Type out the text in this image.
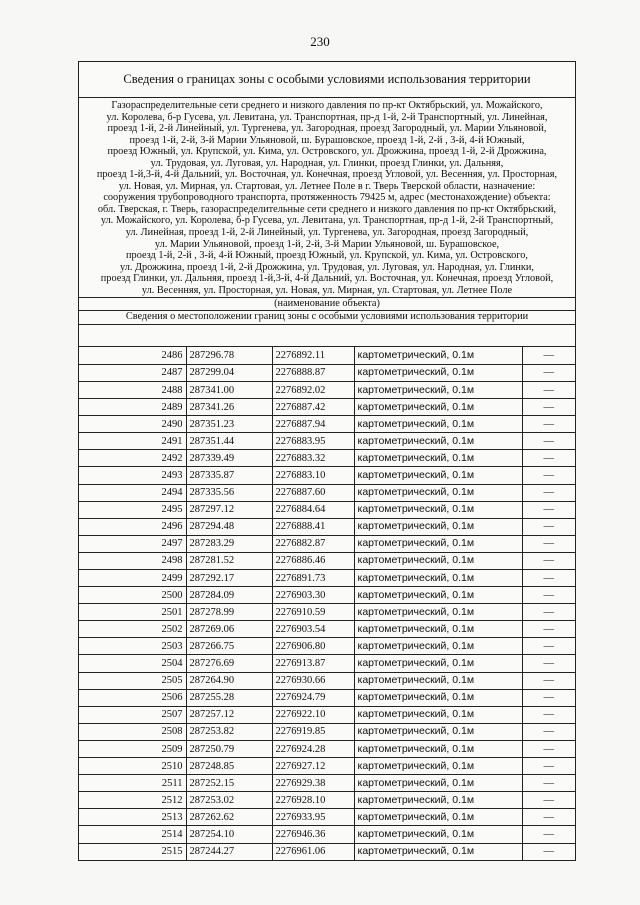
230
Сведения о границах зоны с особыми условиями использования территории
Газораспределительные сети среднего и низкого давления по пр-кт Октябрьский, ул. Можайского,
ул. Королева, б-р Гусева, ул. Левитана, ул. Транспортная, пр-д 1-й, 2-й Транспортный, ул. Линейная,
проезд 1-й, 2-й Линейный, ул. Тургенева, ул. Загородная, проезд Загородный, ул. Марии Ульяновой,
проезд 1-й, 2-й, 3-й Марии Ульяновой, ш. Бурашовское, проезд 1-й, 2-й , 3-й, 4-й Южный,
проезд Южный, ул. Крупской, ул. Кима, ул. Островского, ул. Дрожжина, проезд 1-й, 2-й Дрожжина,
ул. Трудовая, ул. Луговая, ул. Народная, ул. Глинки, проезд Глинки, ул. Дальняя,
проезд 1-й,3-й, 4-й Дальний, ул. Восточная, ул. Конечная, проезд Угловой, ул. Весенняя, ул. Просторная,
ул. Новая, ул. Мирная, ул. Стартовая, ул. Летнее Поле в г. Тверь Тверской области, назначение:
сооружения трубопроводного транспорта, протяженность 79425 м, адрес (местонахождение) объекта:
обл. Тверская, г. Тверь, газораспределительные сети среднего и низкого давления по пр-кт Октябрьский,
ул. Можайского, ул. Королева, б-р Гусева, ул. Левитана, ул. Транспортная, пр-д 1-й, 2-й Транспортный,
ул. Линейная, проезд 1-й, 2-й Линейный, ул. Тургенева, ул. Загородная, проезд Загородный,
ул. Марии Ульяновой, проезд 1-й, 2-й, 3-й Марии Ульяновой, ш. Бурашовское,
проезд 1-й, 2-й , 3-й, 4-й Южный, проезд Южный, ул. Крупской, ул. Кима, ул. Островского,
ул. Дрожжина, проезд 1-й, 2-й Дрожжина, ул. Трудовая, ул. Луговая, ул. Народная, ул. Глинки,
проезд Глинки, ул. Дальняя, проезд 1-й,3-й, 4-й Дальний, ул. Восточная, ул. Конечная, проезд Угловой,
ул. Весенняя, ул. Просторная, ул. Новая, ул. Мирная, ул. Стартовая, ул. Летнее Поле
(наименование объекта)
Сведения о местоположении границ зоны с особыми условиями использования территории
2486	287296.78	2276892.11	картометрический, 0.1м	—
2487	287299.04	2276888.87	картометрический, 0.1м	—
2488	287341.00	2276892.02	картометрический, 0.1м	—
2489	287341.26	2276887.42	картометрический, 0.1м	—
2490	287351.23	2276887.94	картометрический, 0.1м	—
2491	287351.44	2276883.95	картометрический, 0.1м	—
2492	287339.49	2276883.32	картометрический, 0.1м	—
2493	287335.87	2276883.10	картометрический, 0.1м	—
2494	287335.56	2276887.60	картометрический, 0.1м	—
2495	287297.12	2276884.64	картометрический, 0.1м	—
2496	287294.48	2276888.41	картометрический, 0.1м	—
2497	287283.29	2276882.87	картометрический, 0.1м	—
2498	287281.52	2276886.46	картометрический, 0.1м	—
2499	287292.17	2276891.73	картометрический, 0.1м	—
2500	287284.09	2276903.30	картометрический, 0.1м	—
2501	287278.99	2276910.59	картометрический, 0.1м	—
2502	287269.06	2276903.54	картометрический, 0.1м	—
2503	287266.75	2276906.80	картометрический, 0.1м	—
2504	287276.69	2276913.87	картометрический, 0.1м	—
2505	287264.90	2276930.66	картометрический, 0.1м	—
2506	287255.28	2276924.79	картометрический, 0.1м	—
2507	287257.12	2276922.10	картометрический, 0.1м	—
2508	287253.82	2276919.85	картометрический, 0.1м	—
2509	287250.79	2276924.28	картометрический, 0.1м	—
2510	287248.85	2276927.12	картометрический, 0.1м	—
2511	287252.15	2276929.38	картометрический, 0.1м	—
2512	287253.02	2276928.10	картометрический, 0.1м	—
2513	287262.62	2276933.95	картометрический, 0.1м	—
2514	287254.10	2276946.36	картометрический, 0.1м	—
2515	287244.27	2276961.06	картометрический, 0.1м	—
